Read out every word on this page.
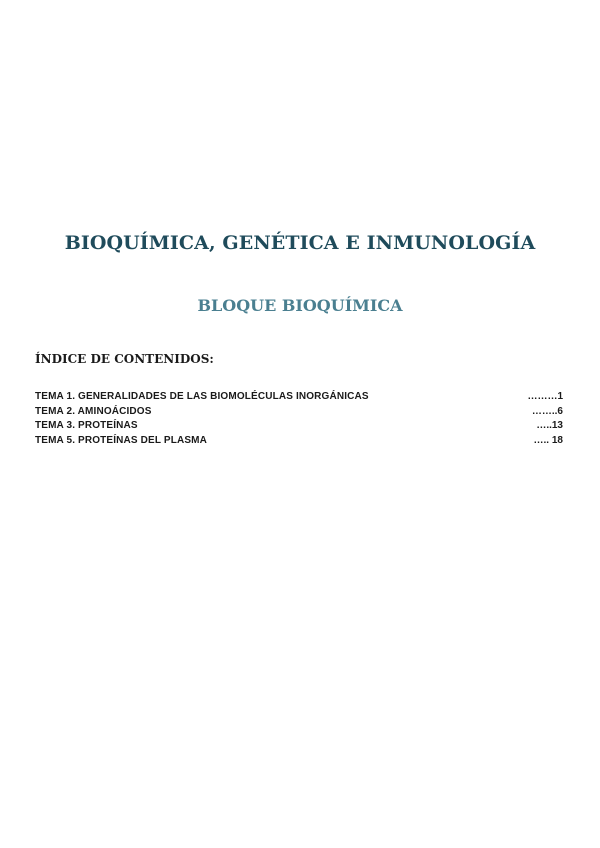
BIOQUÍMICA, GENÉTICA E INMUNOLOGÍA
BLOQUE BIOQUÍMICA
ÍNDICE DE CONTENIDOS:
TEMA 1. GENERALIDADES DE LAS BIOMOLÉCULAS INORGÁNICAS	………1
TEMA 2. AMINOÁCIDOS	……..6
TEMA 3. PROTEÍNAS	…..13
TEMA 5. PROTEÍNAS DEL PLASMA	….. 18
